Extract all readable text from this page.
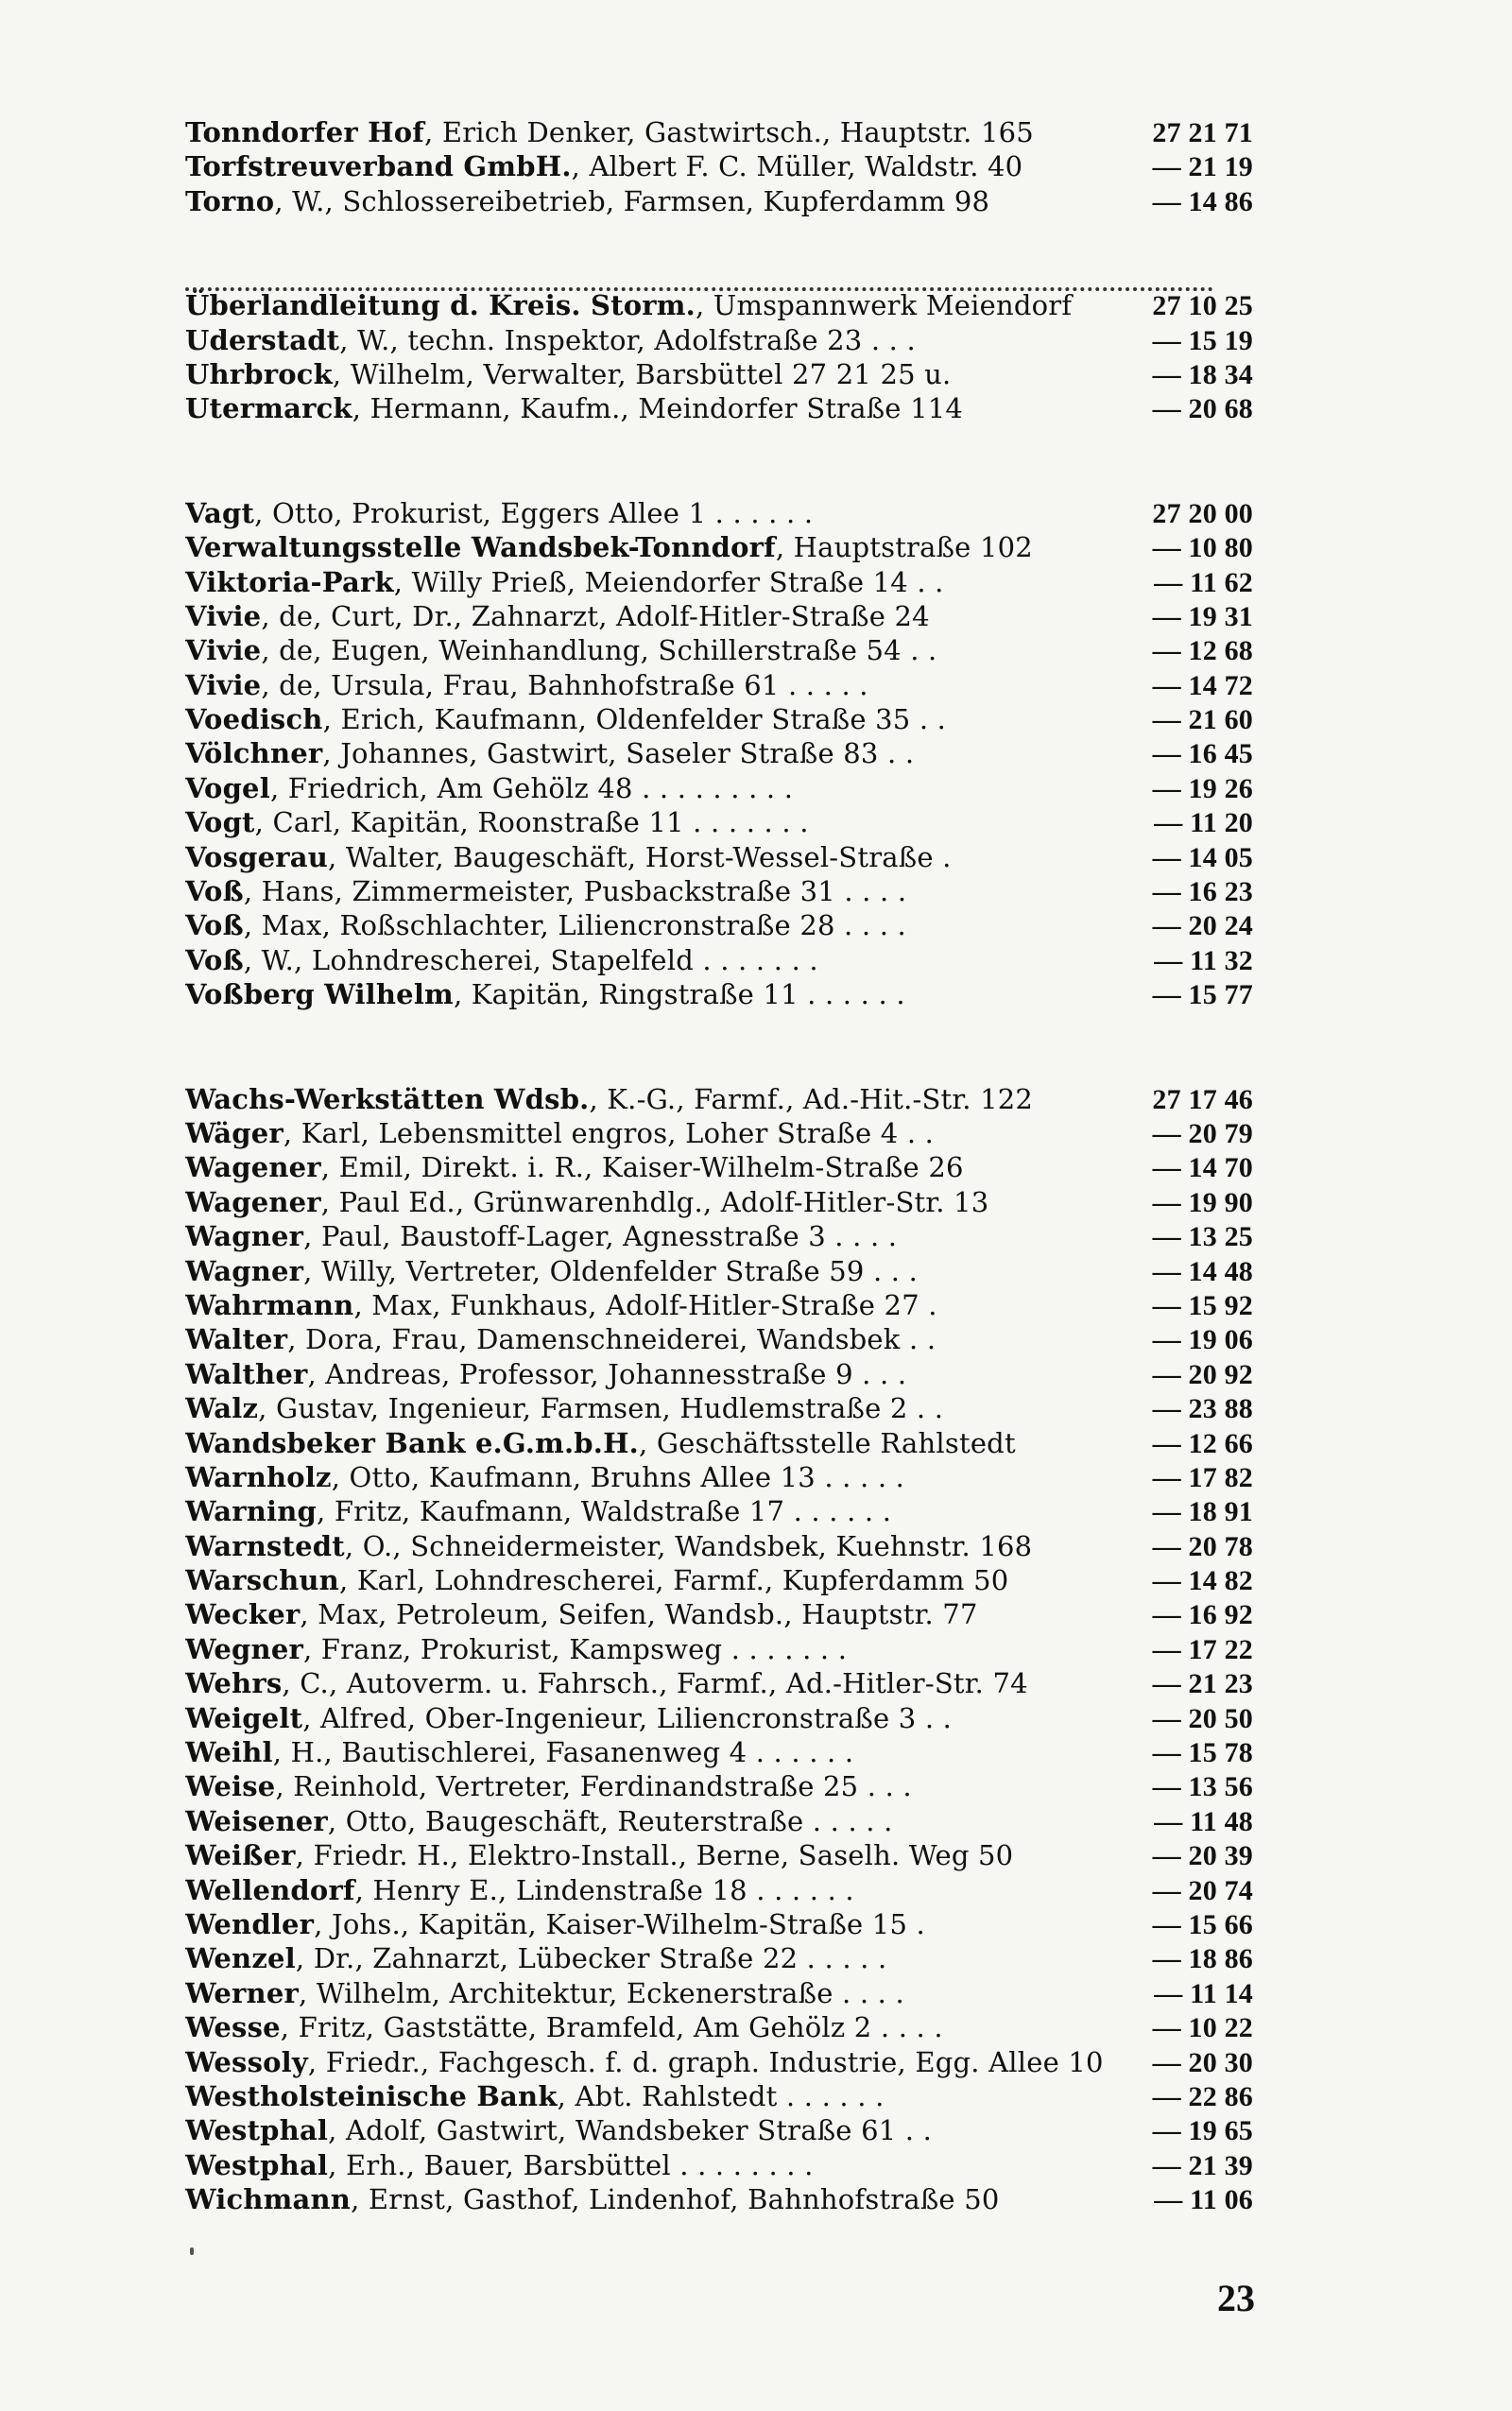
Tonndorfer Hof, Erich Denker, Gastwirtsch., Hauptstr. 165	27 21 71
Torfstreuverband GmbH., Albert F. C. Müller, Waldstr. 40	— 21 19
Torno, W., Schlossereibetrieb, Farmsen, Kupferdamm 98	— 14 86
Überlandleitung d. Kreis. Storm., Umspannwerk Meiendorf	27 10 25
Uderstadt, W., techn. Inspektor, Adolfstraße 23 . . .	— 15 19
Uhrbrock, Wilhelm, Verwalter, Barsbüttel 27 21 25 u.	— 18 34
Utermarck, Hermann, Kaufm., Meindorfer Straße 114	— 20 68
Vagt, Otto, Prokurist, Eggers Allee 1 . . . . . .	27 20 00
Verwaltungsstelle Wandsbek-Tonndorf, Hauptstraße 102	— 10 80
Viktoria-Park, Willy Prieß, Meiendorfer Straße 14 . .	— 11 62
Vivie, de, Curt, Dr., Zahnarzt, Adolf-Hitler-Straße 24	— 19 31
Vivie, de, Eugen, Weinhandlung, Schillerstraße 54 . .	— 12 68
Vivie, de, Ursula, Frau, Bahnhofstraße 61 . . . . .	— 14 72
Voedisch, Erich, Kaufmann, Oldenfelder Straße 35 . .	— 21 60
Völchner, Johannes, Gastwirt, Saseler Straße 83 . .	— 16 45
Vogel, Friedrich, Am Gehölz 48 . . . . . . . . .	— 19 26
Vogt, Carl, Kapitän, Roonstraße 11 . . . . . . .	— 11 20
Vosgerau, Walter, Baugeschäft, Horst-Wessel-Straße .	— 14 05
Voß, Hans, Zimmermeister, Pusbackstraße 31 . . . .	— 16 23
Voß, Max, Roßschlachter, Liliencronstraße 28 . . . .	— 20 24
Voß, W., Lohndrescherei, Stapelfeld . . . . . . .	— 11 32
Voßberg Wilhelm, Kapitän, Ringstraße 11 . . . . . .	— 15 77
Wachs-Werkstätten Wdsb., K.-G., Farmf., Ad.-Hit.-Str. 122	27 17 46
Wäger, Karl, Lebensmittel engros, Loher Straße 4 . .	— 20 79
Wagener, Emil, Direkt. i. R., Kaiser-Wilhelm-Straße 26	— 14 70
Wagener, Paul Ed., Grünwarenhdlg., Adolf-Hitler-Str. 13	— 19 90
Wagner, Paul, Baustoff-Lager, Agnesstraße 3 . . . .	— 13 25
Wagner, Willy, Vertreter, Oldenfelder Straße 59 . . .	— 14 48
Wahrmann, Max, Funkhaus, Adolf-Hitler-Straße 27 .	— 15 92
Walter, Dora, Frau, Damenschneiderei, Wandsbek . .	— 19 06
Walther, Andreas, Professor, Johannesstraße 9 . . .	— 20 92
Walz, Gustav, Ingenieur, Farmsen, Hudlemstraße 2 . .	— 23 88
Wandsbeker Bank e.G.m.b.H., Geschäftsstelle Rahlstedt	— 12 66
Warnholz, Otto, Kaufmann, Bruhns Allee 13 . . . . .	— 17 82
Warning, Fritz, Kaufmann, Waldstraße 17 . . . . . .	— 18 91
Warnstedt, O., Schneidermeister, Wandsbek, Kuehnstr. 168	— 20 78
Warschun, Karl, Lohndrescherei, Farmf., Kupferdamm 50	— 14 82
Wecker, Max, Petroleum, Seifen, Wandsb., Hauptstr. 77	— 16 92
Wegner, Franz, Prokurist, Kampsweg . . . . . . .	— 17 22
Wehrs, C., Autoverm. u. Fahrsch., Farmf., Ad.-Hitler-Str. 74	— 21 23
Weigelt, Alfred, Ober-Ingenieur, Liliencronstraße 3 . .	— 20 50
Weihl, H., Bautischlerei, Fasanenweg 4 . . . . . .	— 15 78
Weise, Reinhold, Vertreter, Ferdinandstraße 25 . . .	— 13 56
Weisener, Otto, Baugeschäft, Reuterstraße . . . . .	— 11 48
Weißer, Friedr. H., Elektro-Install., Berne, Saselh. Weg 50	— 20 39
Wellendorf, Henry E., Lindenstraße 18 . . . . . .	— 20 74
Wendler, Johs., Kapitän, Kaiser-Wilhelm-Straße 15 .	— 15 66
Wenzel, Dr., Zahnarzt, Lübecker Straße 22 . . . . .	— 18 86
Werner, Wilhelm, Architektur, Eckenerstraße . . . .	— 11 14
Wesse, Fritz, Gaststätte, Bramfeld, Am Gehölz 2 . . . .	— 10 22
Wessoly, Friedr., Fachgesch. f. d. graph. Industrie, Egg. Allee 10	— 20 30
Westholsteinische Bank, Abt. Rahlstedt . . . . . .	— 22 86
Westphal, Adolf, Gastwirt, Wandsbeker Straße 61 . .	— 19 65
Westphal, Erh., Bauer, Barsbüttel . . . . . . . .	— 21 39
Wichmann, Ernst, Gasthof, Lindenhof, Bahnhofstraße 50	— 11 06
23
